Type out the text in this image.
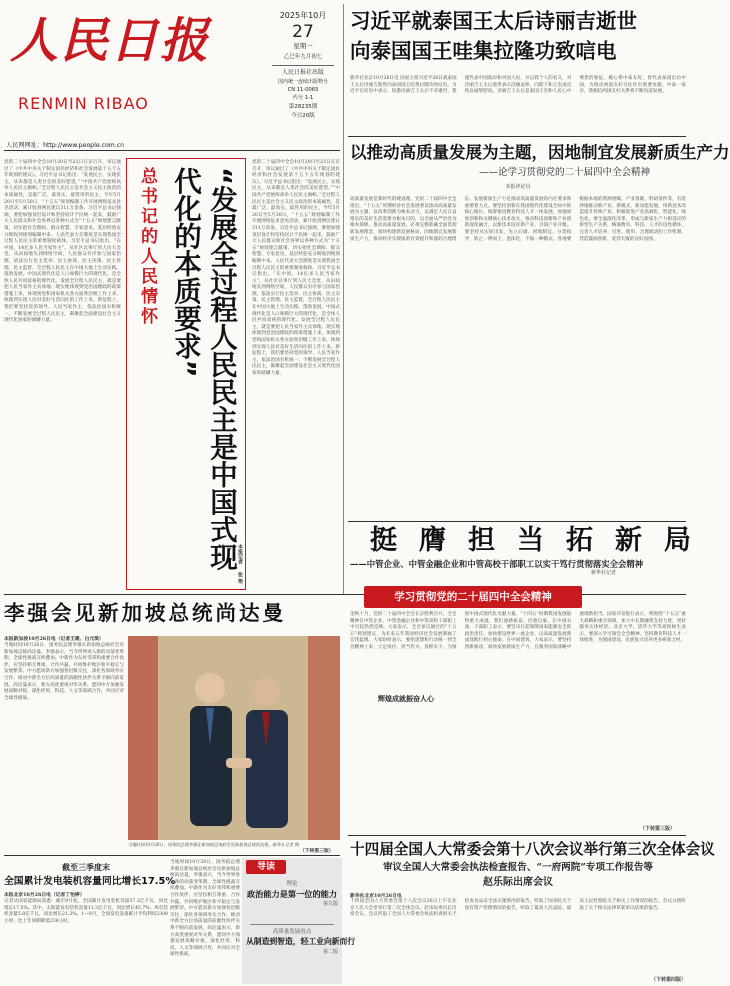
人民日报
RENMIN RIBAO
人民网网址：http://www.people.com.cn
2025年10月
27
星期一
乙巳年九月初七
人民日报社出版
国内统一连续出版物号
CN 11-0065
代号 1-1
第28235期
今日20版
习近平就泰国王太后诗丽吉逝世
向泰国国王哇集拉隆功致唁电
新华社北京10月26日电 国家主席习近平26日就泰国王太后诗丽吉逝世向泰国国王哇集拉隆功致唁电。习近平在唁电中表示，惊悉诗丽吉王太后不幸逝世，我谨代表中国政府和中国人民，并以我个人的名义，对诗丽吉王太后逝世表示沉痛哀悼，向陛下和王室成员致以诚挚慰问。诗丽吉王太后是泰国王室和人民心中尊贵的象征。她心系中泰友好，曾代表泰国出访中国，为推动两国友好交往作出重要贡献。中泰一家亲，我相信两国友好关系将不断向前发展。
以推动高质量发展为主题，因地制宜发展新质生产力
——论学习贯彻党的二十届四中全会精神
本报评论员
高质量发展是新时代的硬道理。党的二十届四中全会指出，“十五五”时期经济社会发展要以推动高质量发展为主题，以改革创新为根本动力，以满足人民日益增长的美好生活需要为根本目的，以全面从严治党为根本保障。推动高质量发展，必须完整准确全面贯彻新发展理念，加快构建新发展格局，因地制宜发展新质生产力，推动经济实现质的有效提升和量的合理增长。发展新质生产力是推动高质量发展的内在要求和重要着力点。要坚持创新在我国现代化建设全局中的核心地位，统筹推进教育科技人才一体发展，加强原始创新和关键核心技术攻关，推动科技创新和产业创新深度融合，以新技术培育新产业、引领产业升级。要坚持从实际出发，先立后破、因地制宜、分类指导，防止一哄而上、泡沫化，不搞一种模式。各地要根据本地的资源禀赋、产业基础、科研条件等，有选择地推动新产业、新模式、新动能发展，用新技术改造提升传统产业，积极促进产业高端化、智能化、绿色化。要全面深化改革，形成与新质生产力相适应的新型生产关系，畅通教育、科技、人才的良性循环，完善人才培养、引进、使用、合理流动的工作机制，营造鼓励创新、宽容失败的良好氛围。
党的二十届四中全会10月20日至23日在京召开，审议通过了《中共中央关于制定国民经济和社会发展第十五个五年规划的建议》。习近平总书记指出：“发展民主、实现民主，从来都是人类社会的美好愿望。”“中国共产党始终高举人民民主旗帜。”全过程人民民主是社会主义民主政治的本质属性，是最广泛、最真实、最管用的民主。今年5月20日至5月30日，“十五五”规划编制工作开展网络征求意见活动，累计收到网民建议311万余条。习近平总书记强调，要把加强顶层设计和坚持问计于民统一起来，鼓励广大人民群众和社会各界以各种方式为“十五五”规划建言献策，切实把社会期盼、群众智慧、专家意见、基层经验充分吸收到规划编制中来。人民代表大会制度是实现我国全过程人民民主的重要制度载体。习近平总书记指出，“在中国，14亿多人民当家作主”。从社区议事厅到人民大会堂，从田间地头到网络空间，人民群众有序参与国家治理，依法实行民主选举、民主协商、民主决策、民主管理、民主监督，全过程人民民主在中国大地上生动实践、蓬勃发展。中国式现代化是人口规模巨大的现代化，是全体人民共同富裕的现代化。发展全过程人民民主，就是要把人民当家作主具体地、现实地体现到党治国理政的政策措施上来，体现到党和国家机关各方面各层级工作上来，体现到实现人民对美好生活向往的工作上来。新征程上，我们要坚持党的领导、人民当家作主、依法治国有机统一，不断发展全过程人民民主，凝聚起全面建设社会主义现代化国家的磅礴力量。	总书记的人民情怀	“发展全过程人民民主是中国式现代化的本质要求”
党的二十届四中全会10月20日至23日在京召开，审议通过了《中共中央关于制定国民经济和社会发展第十五个五年规划的建议》。习近平总书记指出：“发展民主、实现民主，从来都是人类社会的美好愿望。”“中国共产党始终高举人民民主旗帜。”全过程人民民主是社会主义民主政治的本质属性，是最广泛、最真实、最管用的民主。今年5月20日至5月30日，“十五五”规划编制工作开展网络征求意见活动，累计收到网民建议311万余条。习近平总书记强调，要把加强顶层设计和坚持问计于民统一起来，鼓励广大人民群众和社会各界以各种方式为“十五五”规划建言献策，切实把社会期盼、群众智慧、专家意见、基层经验充分吸收到规划编制中来。人民代表大会制度是实现我国全过程人民民主的重要制度载体。习近平总书记指出，“在中国，14亿多人民当家作主”。从社区议事厅到人民大会堂，从田间地头到网络空间，人民群众有序参与国家治理，依法实行民主选举、民主协商、民主决策、民主管理、民主监督，全过程人民民主在中国大地上生动实践、蓬勃发展。中国式现代化是人口规模巨大的现代化，是全体人民共同富裕的现代化。发展全过程人民民主，就是要把人民当家作主具体地、现实地体现到党治国理政的政策措施上来，体现到党和国家机关各方面各层级工作上来，体现到实现人民对美好生活向往的工作上来。新征程上，我们要坚持党的领导、人民当家作主、依法治国有机统一，不断发展全过程人民民主，凝聚起全面建设社会主义现代化国家的磅礴力量。
本报记者
张 艳
挺膺担当拓新局
——中管企业、中管金融企业和中管高校干部职工以实干笃行贯彻落实全会精神
新华社记者
学习贯彻党的二十届四中全会精神
金秋十月，党的二十届四中全会在京胜利召开，全会精神在中管企业、中管金融企业和中管高校干部职工中引起热烈反响。大家表示，全会审议通过的“十五五”规划建议，为未来五年我国经济社会发展擘画了宏伟蓝图。大家纷纷表示，要把思想和行动统一到全会精神上来，立足岗位、担当作为、真抓实干，为推进中国式现代化贡献力量。“十四五”时期我国发展取得重大成就，我们深感振奋、倍感自豪。在中国石油，干部职工表示，要坚决扛起保障国家能源安全的政治责任，加快建设世界一流企业，以高质量发展新成效践行初心使命。在中国建筑，大家表示，要坚持创新驱动，加快发展新质生产力，在服务国家战略中展现新担当。国家开发银行表示，将围绕“十五五”重大战略和重点领域，加大中长期融资支持力度，更好服务实体经济。北京大学、清华大学等高校师生表示，要深入学习领会全会精神，坚持教育科技人才一体推进，为强国建设、民族复兴培养更多栋梁之材。
辉煌成就振奋人心
（下转第三版）
李强会见新加坡总统尚达曼
本报新加坡10月26日电（记者王建、白元琪）
当地时间10月26日，国务院总理李强在新加坡总统府会见新加坡总统尚达曼。李强表示，当今世界进入新的动荡变革期，全球性挑战交织叠加。中新作为友好邻邦和重要合作伙伴，应坚持相互尊重、合作共赢，共同维护地区和平稳定与发展繁荣。中方愿同新方加强各层级交往，深化各领域务实合作，推动中新全方位高质量的前瞻性伙伴关系不断向前发展。尚达曼表示，新方高度重视对华关系，愿同中方加强发展战略对接，深化经贸、科技、人文等领域合作，共同应对全球性挑战。
当地时间10月26日，国务院总理李强在新加坡总统府会见新加坡总统尚达曼。新华社记者 摄	十四届全国人大常委会第十八次会议举行第三次全体会议
审议全国人大常委会执法检查报告、“一府两院”专项工作报告等
赵乐际出席会议
新华社北京10月26日电
十四届全国人大常委会第十八次会议26日上午在北京人民大会堂举行第三次全体会议。赵乐际委员长出席会议。会议听取了全国人大常委会执法检查组关于检查食品安全法实施情况的报告，听取了国务院关于国有资产管理情况的报告，听取了最高人民法院、最高人民检察院关于相关工作情况的报告。会议分别听取了关于相关法律草案审议结果的报告。
（下转第四版）
截至三季度末
全国累计发电装机容量同比增长17.5%
本报北京10月26日电（记者丁怡婷）
记者从国家能源局获悉：截至9月底，全国累计发电装机容量37.2亿千瓦，同比增长17.5%。其中，太阳能发电装机容量11.3亿千瓦，同比增长45.7%；风电装机容量5.8亿千瓦，同比增长21.3%。1—9月，全国发电设备累计平均利用2308小时，比上年同期降低236小时。
当地时间10月26日，国务院总理李强在新加坡总统府会见新加坡总统尚达曼。李强表示，当今世界进入新的动荡变革期，全球性挑战交织叠加。中新作为友好邻邦和重要合作伙伴，应坚持相互尊重、合作共赢，共同维护地区和平稳定与发展繁荣。中方愿同新方加强各层级交往，深化各领域务实合作，推动中新全方位高质量的前瞻性伙伴关系不断向前发展。尚达曼表示，新方高度重视对华关系，愿同中方加强发展战略对接，深化经贸、科技、人文等领域合作，共同应对全球性挑战。
（下转第三版）
导读
理论
政治能力是第一位的能力
第九版
高质量发展看点
从制造到智造，轻工业向新而行
第二版
